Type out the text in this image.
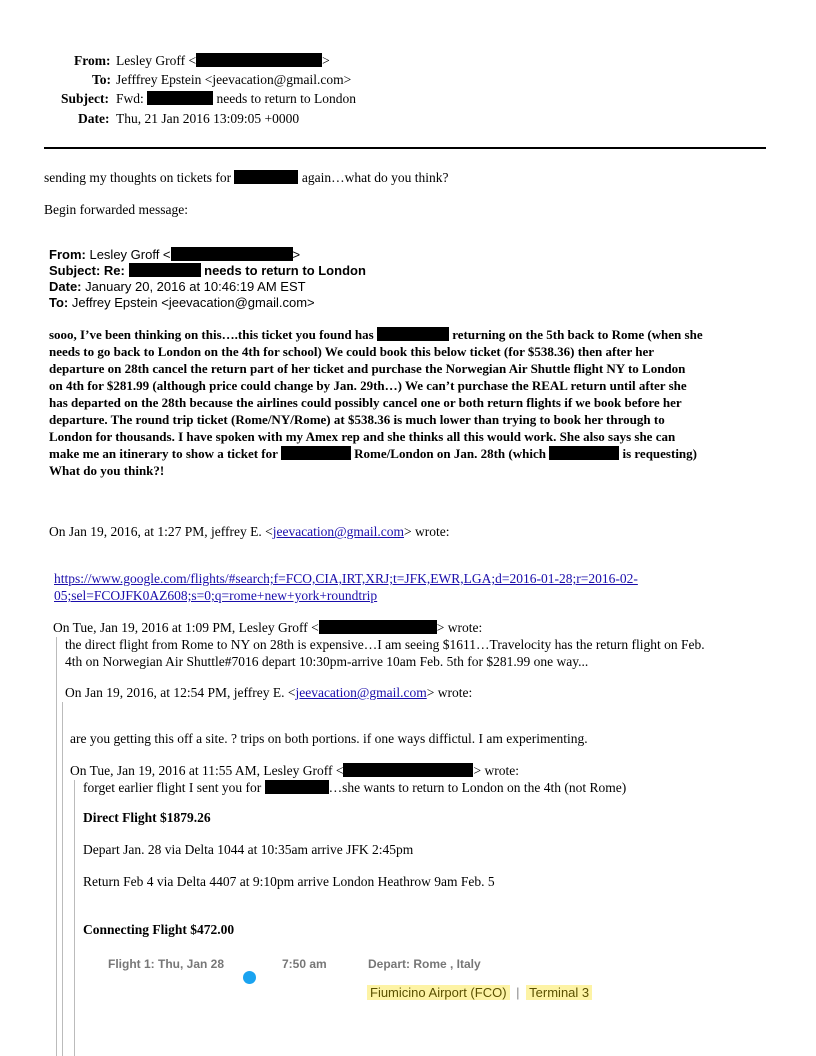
From: Lesley Groff <	>
To: Jefffrey Epstein <jeevacation@gmail.com>
Subject: Fwd:	needs to return to London
Date: Thu, 21 Jan 2016 13:09:05 +0000
sending my thoughts on tickets for	again…what do you think?
Begin forwarded message:
From: Lesley Groff <	>
Subject: Re:	needs to return to London
Date: January 20, 2016 at 10:46:19 AM EST
To: Jeffrey Epstein <jeevacation@gmail.com>
sooo, I’ve been thinking on this….this ticket you found has	returning on the 5th back to Rome (when she
needs to go back to London on the 4th for school) We could book this below ticket (for $538.36) then after her
departure on 28th cancel the return part of her ticket and purchase the Norwegian Air Shuttle flight NY to London
on 4th for $281.99 (although price could change by Jan. 29th…) We can’t purchase the REAL return until after she
has departed on the 28th because the airlines could possibly cancel one or both return flights if we book before her
departure. The round trip ticket (Rome/NY/Rome) at $538.36 is much lower than trying to book her through to
London for thousands. I have spoken with my Amex rep and she thinks all this would work. She also says she can
make me an itinerary to show a ticket for	Rome/London on Jan. 28th (which	is requesting)
What do you think?!
On Jan 19, 2016, at 1:27 PM, jeffrey E. <jeevacation@gmail.com> wrote:
https://www.google.com/flights/#search;f=FCO,CIA,IRT,XRJ;t=JFK,EWR,LGA;d=2016-01-28;r=2016-02-
05;sel=FCOJFK0AZ608;s=0;q=rome+new+york+roundtrip
On Tue, Jan 19, 2016 at 1:09 PM, Lesley Groff <	> wrote:
the direct flight from Rome to NY on 28th is expensive…I am seeing $1611…Travelocity has the return flight on Feb.
4th on Norwegian Air Shuttle#7016 depart 10:30pm-arrive 10am Feb. 5th for $281.99 one way...
On Jan 19, 2016, at 12:54 PM, jeffrey E. <jeevacation@gmail.com> wrote:
are you getting this off a site. ? trips on both portions. if one ways diffictul. I am experimenting.
On Tue, Jan 19, 2016 at 11:55 AM, Lesley Groff <	> wrote:
forget earlier flight I sent you for	…she wants to return to London on the 4th (not Rome)
Direct Flight $1879.26
Depart Jan. 28 via Delta 1044 at 10:35am arrive JFK 2:45pm
Return Feb 4 via Delta 4407 at 9:10pm arrive London Heathrow 9am Feb. 5
Connecting Flight $472.00
Flight 1: Thu, Jan 28	7:50 am	Depart: Rome , Italy
Fiumicino Airport (FCO) | Terminal 3
